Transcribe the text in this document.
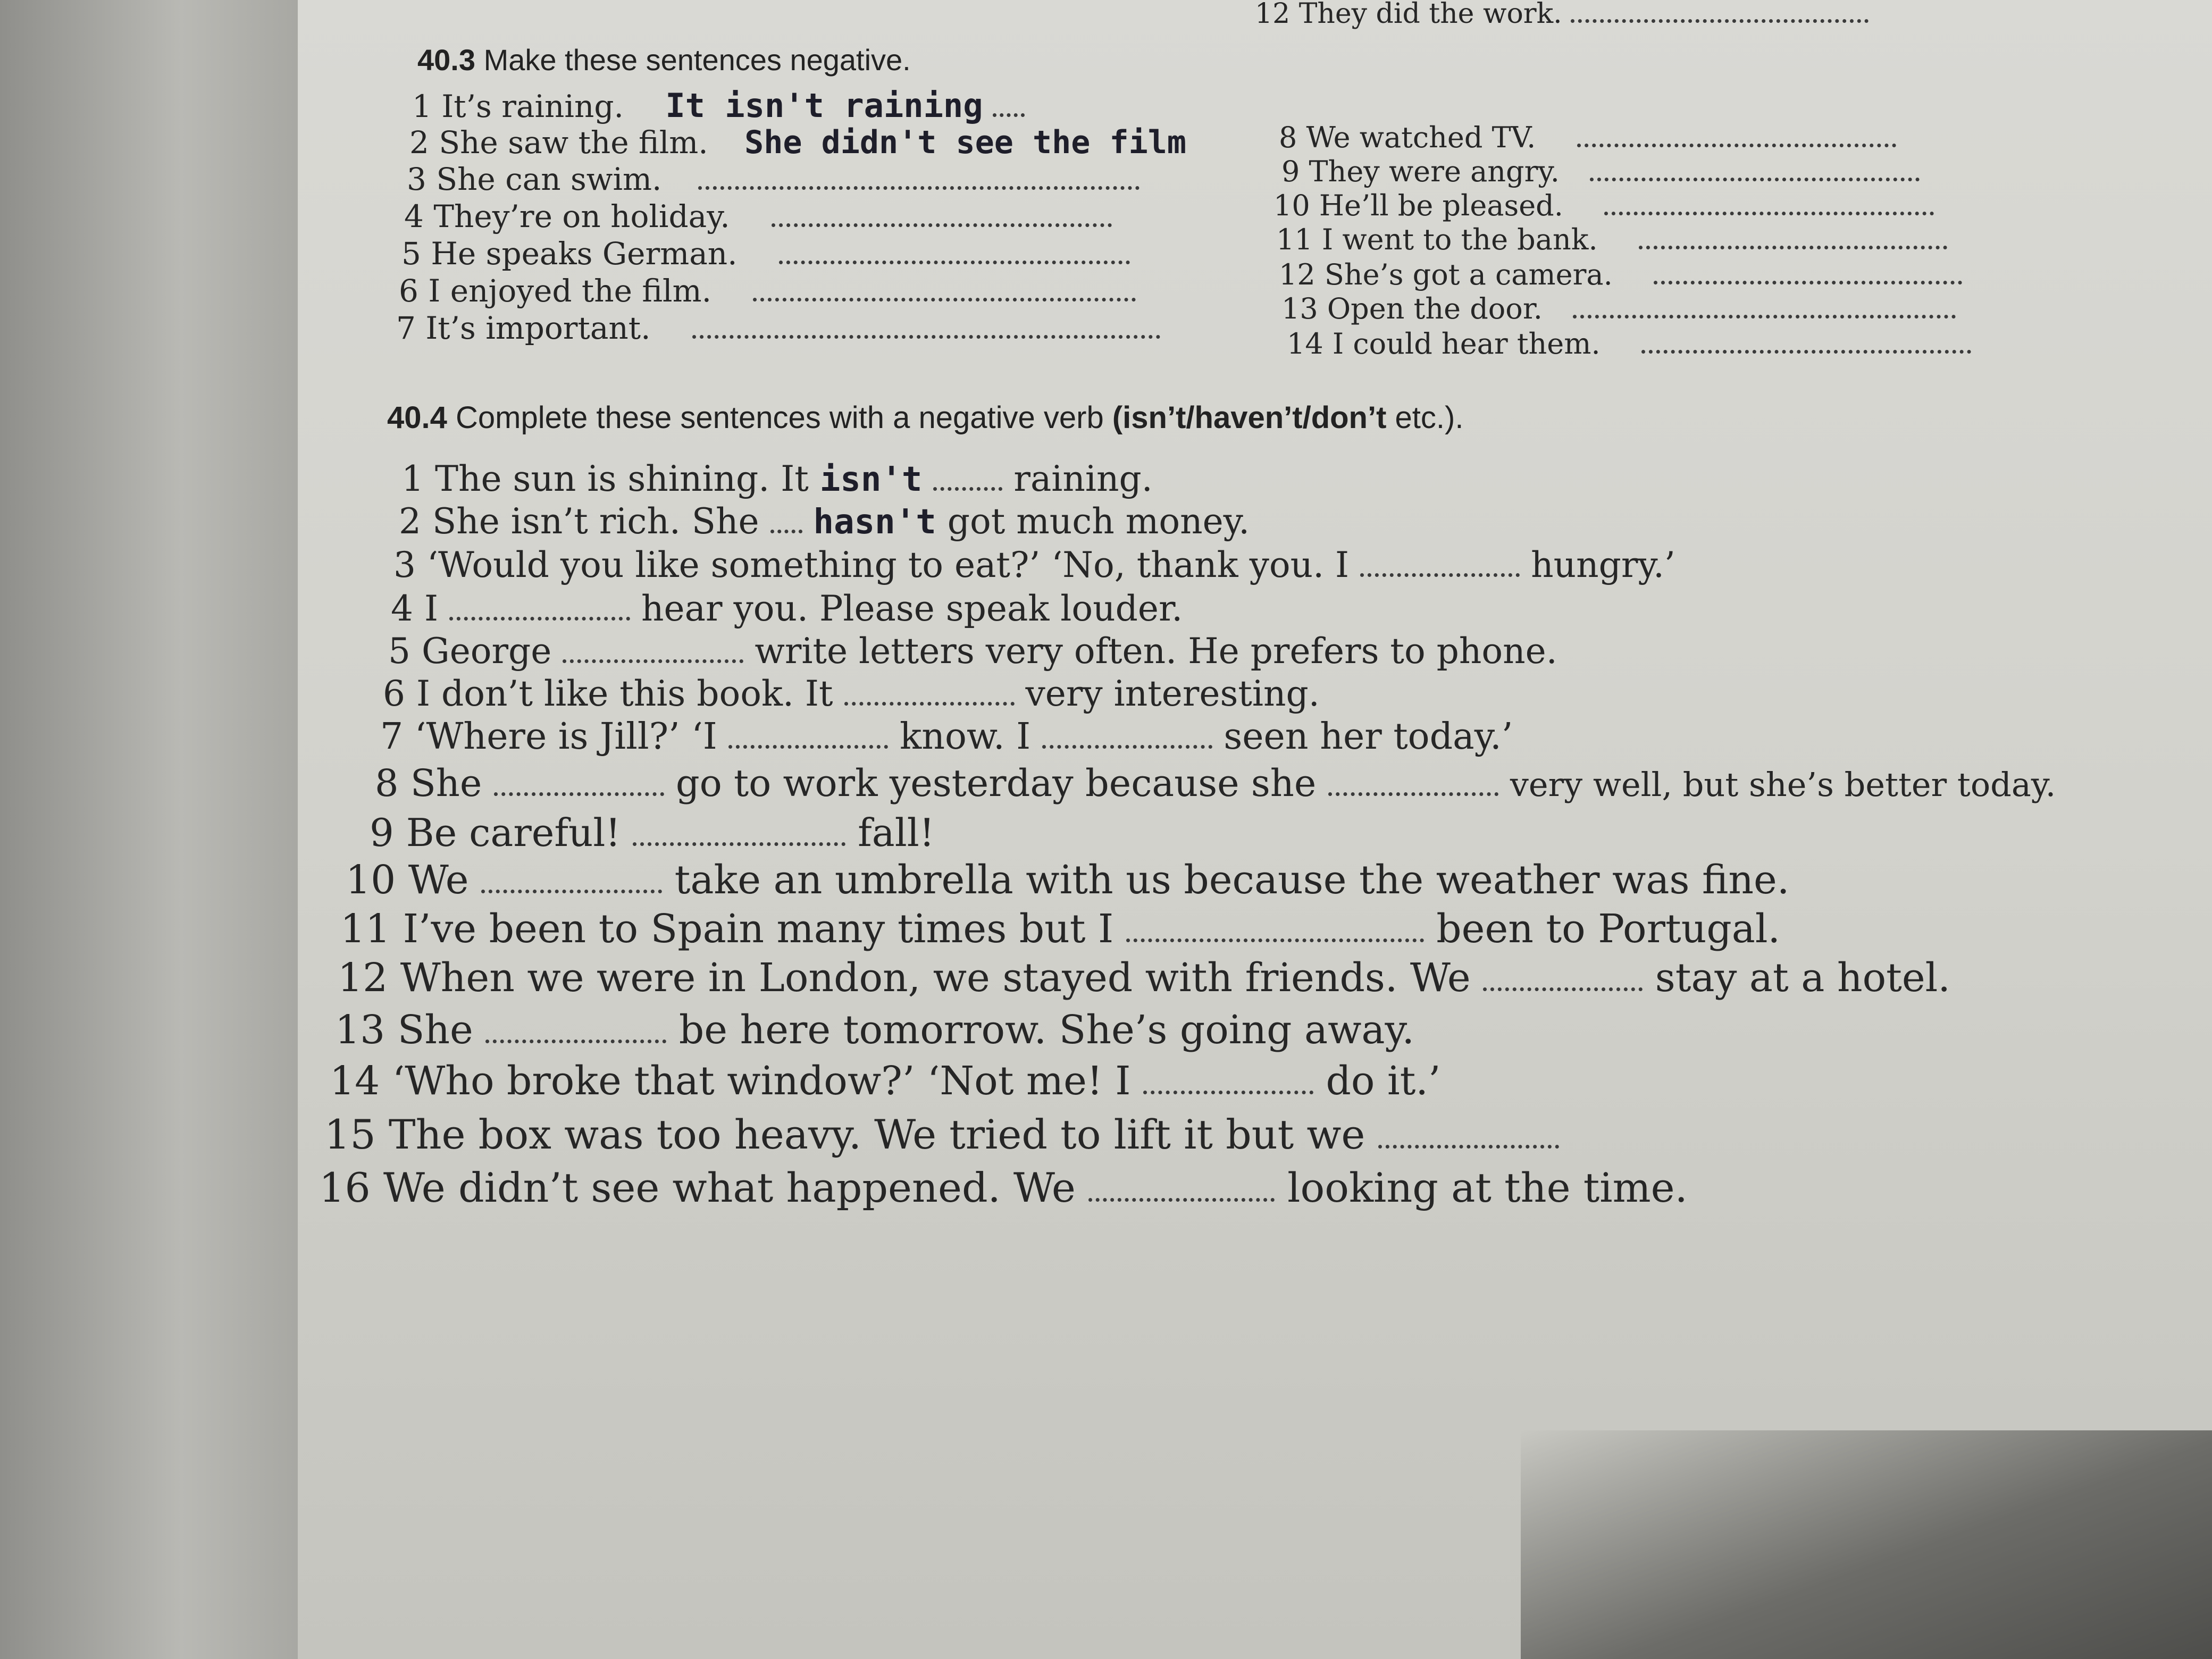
12 They did the work.
40.3 Make these sentences negative.
1 It’s raining. It isn't raining
2 She saw the film. She didn't see the film
3 She can swim.
4 They’re on holiday.
5 He speaks German.
6 I enjoyed the film.
7 It’s important.
8 We watched TV.
9 They were angry.
10 He’ll be pleased.
11 I went to the bank.
12 She’s got a camera.
13 Open the door.
14 I could hear them.
40.4 Complete these sentences with a negative verb (isn’t/haven’t/don’t etc.).
1 The sun is shining. It isn't	raining.
2 She isn’t rich. She hasn't got much money.
3 ‘Would you like something to eat?’ ‘No, thank you. I	hungry.’
4 I	hear you. Please speak louder.
5 George	write letters very often. He prefers to phone.
6 I don’t like this book. It	very interesting.
7 ‘Where is Jill?’ ‘I	know. I	seen her today.’
8 She	go to work yesterday because she	very well, but she’s better today.
9 Be careful!	fall!
10 We	take an umbrella with us because the weather was fine.
11 I’ve been to Spain many times but I	been to Portugal.
12 When we were in London, we stayed with friends. We	stay at a hotel.
13 She	be here tomorrow. She’s going away.
14 ‘Who broke that window?’ ‘Not me! I	do it.’
15 The box was too heavy. We tried to lift it but we
16 We didn’t see what happened. We	looking at the time.
